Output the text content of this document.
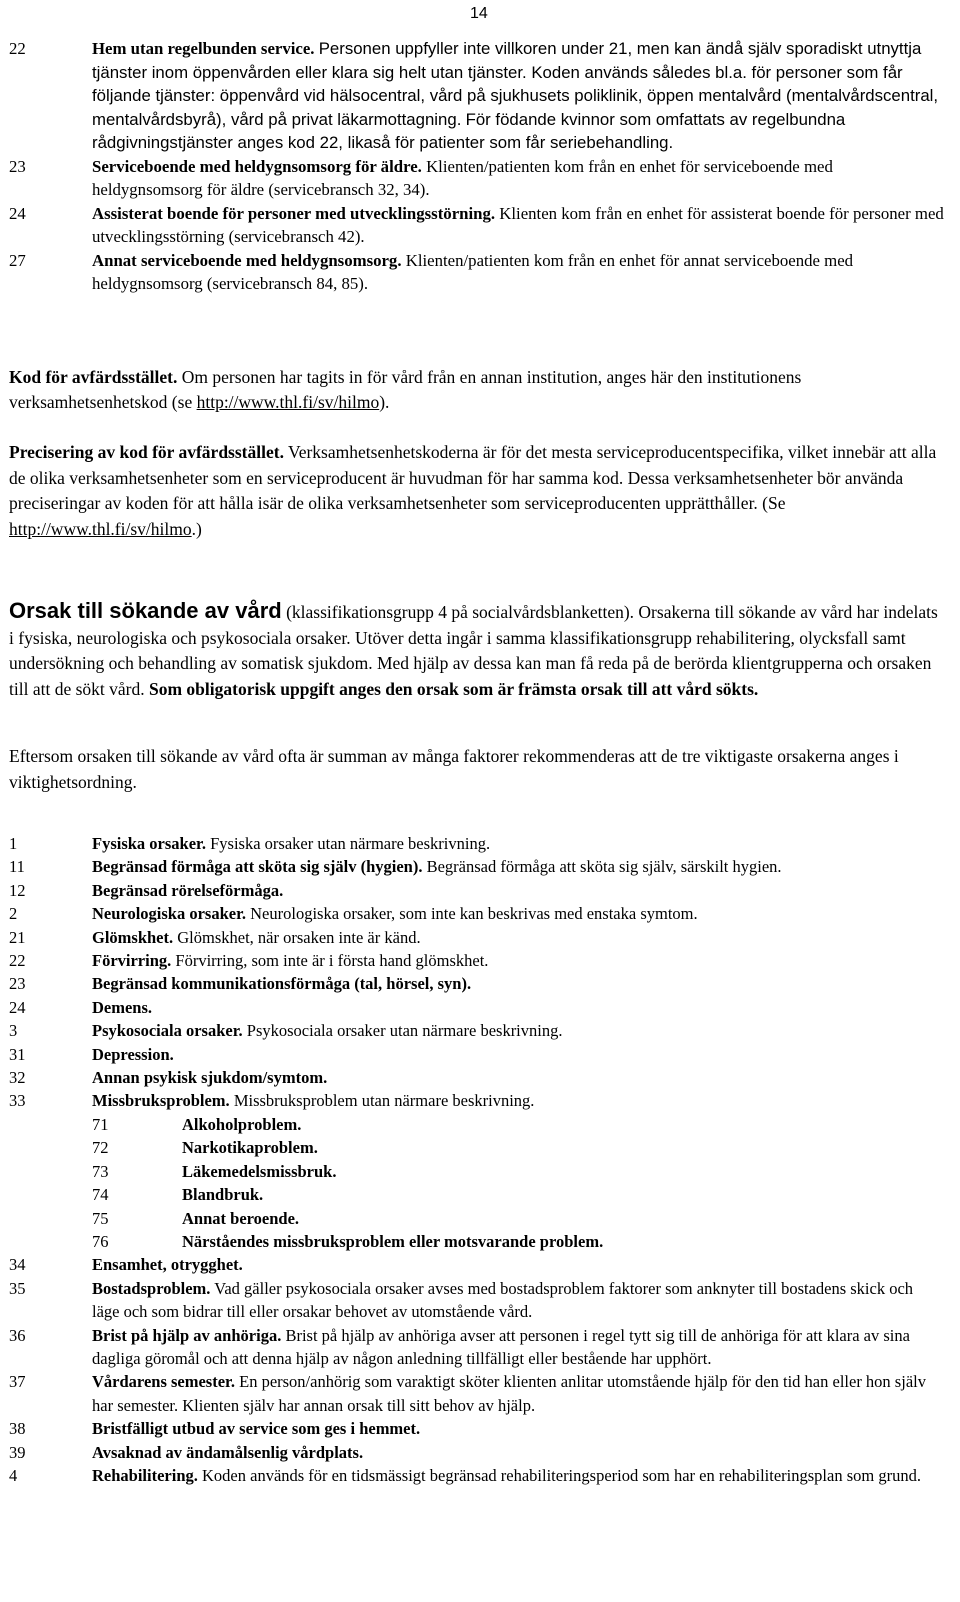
14
22	Hem utan regelbunden service. Personen uppfyller inte villkoren under 21, men kan ändå själv sporadiskt utnyttja tjänster inom öppenvården eller klara sig helt utan tjänster. Koden används således bl.a. för personer som får följande tjänster: öppenvård vid hälsocentral, vård på sjukhusets poliklinik, öppen mentalvård (mentalvårdscentral, mentalvårdsbyrå), vård på privat läkarmottagning. För födande kvinnor som omfattats av regelbundna rådgivningstjänster anges kod 22, likaså för patienter som får seriebehandling.
23	Serviceboende med heldygnsomsorg för äldre. Klienten/patienten kom från en enhet för serviceboende med heldygnsomsorg för äldre (servicebransch 32, 34).
24	Assisterat boende för personer med utvecklingsstörning. Klienten kom från en enhet för assisterat boende för personer med utvecklingsstörning (servicebransch 42).
27	Annat serviceboende med heldygnsomsorg. Klienten/patienten kom från en enhet för annat serviceboende med heldygnsomsorg (servicebransch 84, 85).
Kod för avfärdsstället. Om personen har tagits in för vård från en annan institution, anges här den institutionens verksamhetsenhetskod (se http://www.thl.fi/sv/hilmo).
Precisering av kod för avfärdsstället. Verksamhetsenhetskoderna är för det mesta serviceproducentspecifika, vilket innebär att alla de olika verksamhetsenheter som en serviceproducent är huvudman för har samma kod. Dessa verksamhetsenheter bör använda preciseringar av koden för att hålla isär de olika verksamhetsenheter som serviceproducenten upprätthåller. (Se http://www.thl.fi/sv/hilmo.)
Orsak till sökande av vård (klassifikationsgrupp 4 på socialvårdsblanketten). Orsakerna till sökande av vård har indelats i fysiska, neurologiska och psykosociala orsaker. Utöver detta ingår i samma klassifikationsgrupp rehabilitering, olycksfall samt undersökning och behandling av somatisk sjukdom. Med hjälp av dessa kan man få reda på de berörda klientgrupperna och orsaken till att de sökt vård. Som obligatorisk uppgift anges den orsak som är främsta orsak till att vård sökts.
Eftersom orsaken till sökande av vård ofta är summan av många faktorer rekommenderas att de tre viktigaste orsakerna anges i viktighetsordning.
1	Fysiska orsaker. Fysiska orsaker utan närmare beskrivning.
11	Begränsad förmåga att sköta sig själv (hygien). Begränsad förmåga att sköta sig själv, särskilt hygien.
12	Begränsad rörelseförmåga.
2	Neurologiska orsaker. Neurologiska orsaker, som inte kan beskrivas med enstaka symtom.
21	Glömskhet. Glömskhet, när orsaken inte är känd.
22	Förvirring. Förvirring, som inte är i första hand glömskhet.
23	Begränsad kommunikationsförmåga (tal, hörsel, syn).
24	Demens.
3	Psykosociala orsaker. Psykosociala orsaker utan närmare beskrivning.
31	Depression.
32	Annan psykisk sjukdom/symtom.
33	Missbruksproblem. Missbruksproblem utan närmare beskrivning.
71	Alkoholproblem.
72	Narkotikaproblem.
73	Läkemedelsmissbruk.
74	Blandbruk.
75	Annat beroende.
76	Närståendes missbruksproblem eller motsvarande problem.
34	Ensamhet, otrygghet.
35	Bostadsproblem. Vad gäller psykosociala orsaker avses med bostadsproblem faktorer som anknyter till bostadens skick och läge och som bidrar till eller orsakar behovet av utomstående vård.
36	Brist på hjälp av anhöriga. Brist på hjälp av anhöriga avser att personen i regel tytt sig till de anhöriga för att klara av sina dagliga göromål och att denna hjälp av någon anledning tillfälligt eller bestående har upphört.
37	Vårdarens semester. En person/anhörig som varaktigt sköter klienten anlitar utomstående hjälp för den tid han eller hon själv har semester. Klienten själv har annan orsak till sitt behov av hjälp.
38	Bristfälligt utbud av service som ges i hemmet.
39	Avsaknad av ändamålsenlig vårdplats.
4	Rehabilitering. Koden används för en tidsmässigt begränsad rehabiliteringsperiod som har en rehabiliteringsplan som grund.
